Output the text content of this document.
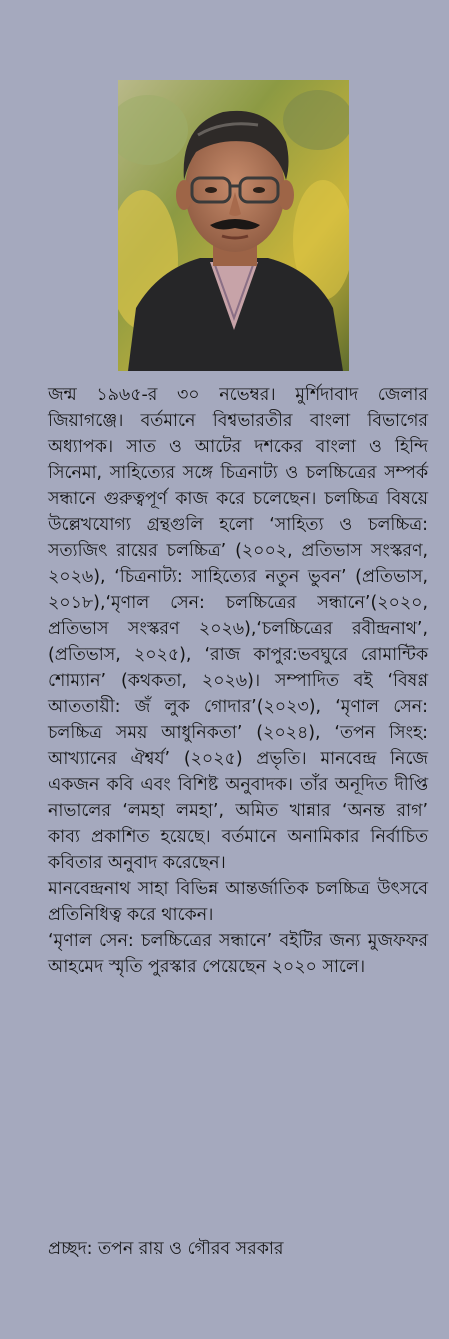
জন্ম ১৯৬৫-র ৩০ নভেম্বর। মুর্শিদাবাদ জেলার জিয়াগঞ্জে। বর্তমানে বিশ্বভারতীর বাংলা বিভাগের অধ্যাপক। সাত ও আটের দশকের বাংলা ও হিন্দি সিনেমা, সাহিত্যের সঙ্গে চিত্রনাট্য ও চলচ্চিত্রের সম্পর্ক সন্ধানে গুরুত্বপূর্ণ কাজ করে চলেছেন। চলচ্চিত্র বিষয়ে উল্লেখযোগ্য গ্রন্থগুলি হলো ‘সাহিত্য ও চলচ্চিত্র: সত্যজিৎ রায়ের চলচ্চিত্র’ (২০০২, প্রতিভাস সংস্করণ, ২০২৬), ‘চিত্রনাট্য: সাহিত্যের নতুন ভুবন’ (প্রতিভাস, ২০১৮),‘মৃণাল সেন: চলচ্চিত্রের সন্ধানে’(২০২০, প্রতিভাস সংস্করণ ২০২৬),‘চলচ্চিত্রের রবীন্দ্রনাথ’, (প্রতিভাস, ২০২৫), ‘রাজ কাপুর:ভবঘুরে রোমান্টিক শোম্যান’ (কথকতা, ২০২৬)। সম্পাদিত বই ‘বিষণ্ণ আততায়ী: জঁ লুক গোদার’(২০২৩), ‘মৃণাল সেন: চলচ্চিত্র সময় আধুনিকতা’ (২০২৪), ‘তপন সিংহ: আখ্যানের ঐশ্বর্য’ (২০২৫) প্রভৃতি। মানবেন্দ্র নিজে একজন কবি এবং বিশিষ্ট অনুবাদক। তাঁর অনূদিত দীপ্তি নাভালের ‘লমহা লমহা’, অমিত খান্নার ‘অনন্ত রাগ’ কাব্য প্রকাশিত হয়েছে। বর্তমানে অনামিকার নির্বাচিত কবিতার অনুবাদ করেছেন।

মানবেন্দ্রনাথ সাহা বিভিন্ন আন্তর্জাতিক চলচ্চিত্র উৎসবে প্রতিনিধিত্ব করে থাকেন।

‘মৃণাল সেন: চলচ্চিত্রের সন্ধানে’ বইটির জন্য মুজফফর আহমেদ স্মৃতি পুরস্কার পেয়েছেন ২০২০ সালে।

প্রচ্ছদ: তপন রায় ও গৌরব সরকার
